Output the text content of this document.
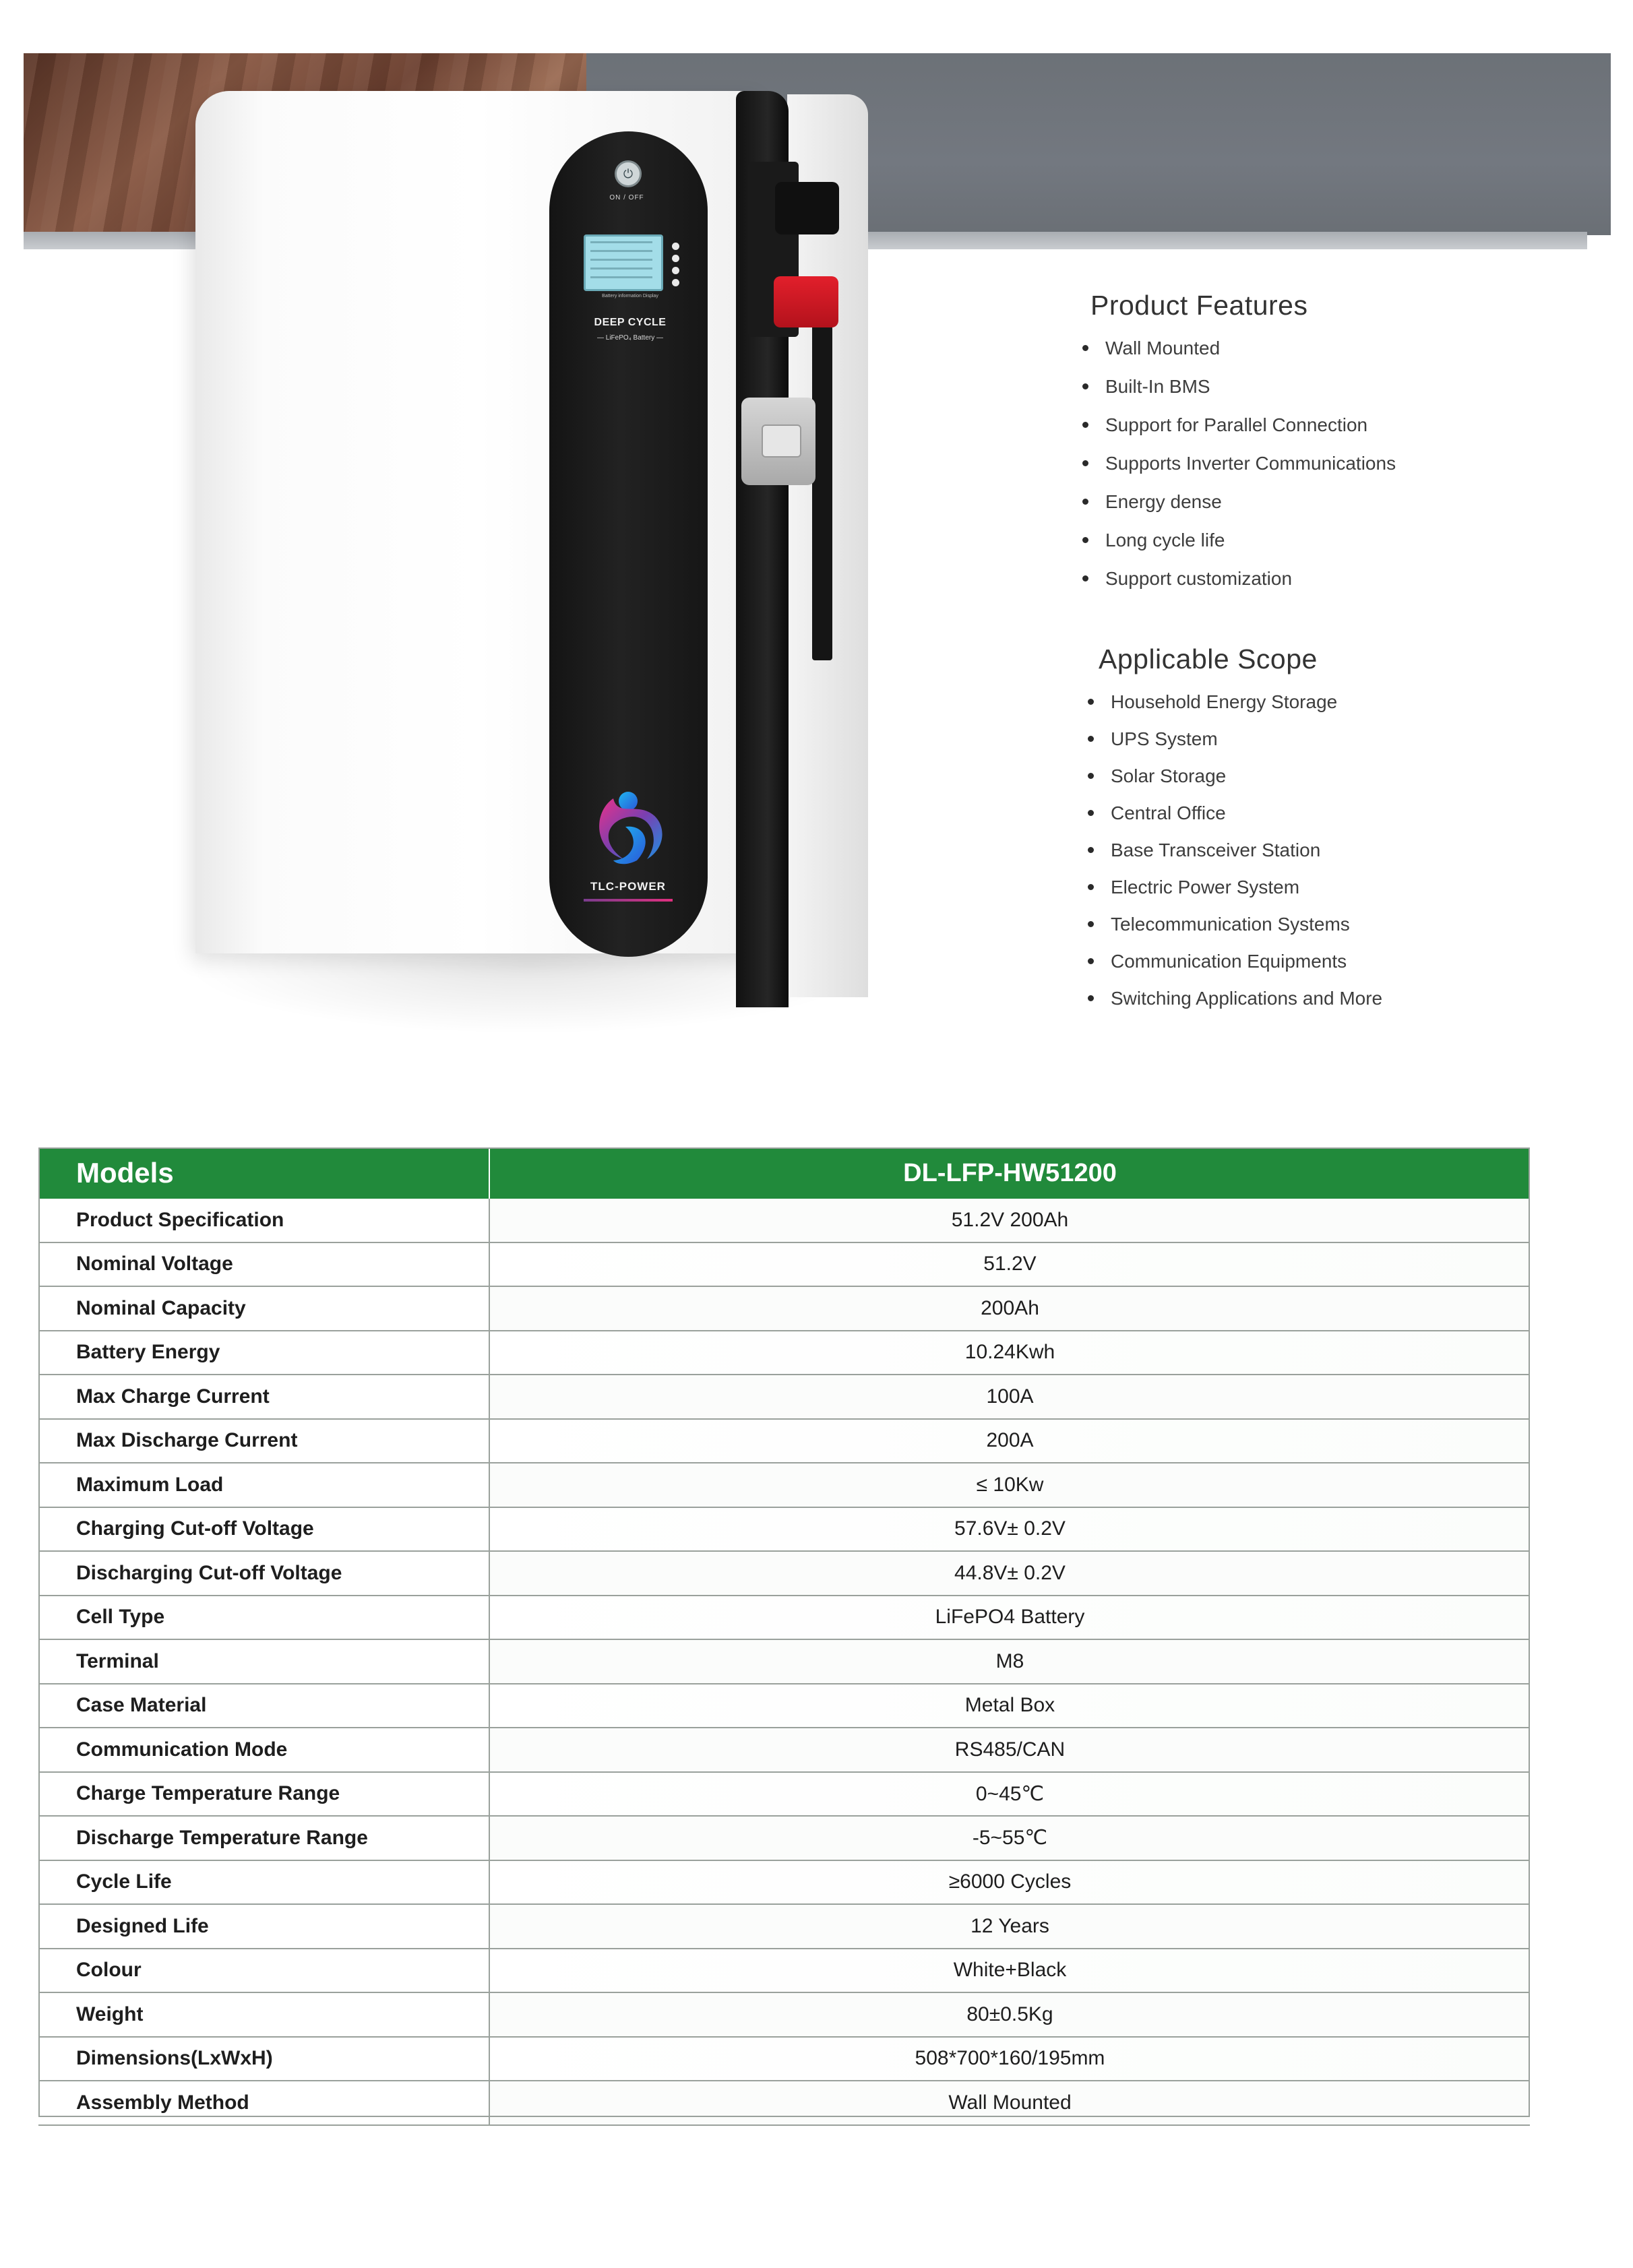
⏻
ON / OFF
Battery information Display
DEEP CYCLE
— LiFePO₄ Battery —
TLC-POWER
Product Features
Wall Mounted
Built-In BMS
Support for Parallel Connection
Supports Inverter Communications
Energy dense
Long cycle life
Support customization
Applicable Scope
Household Energy Storage
UPS System
Solar Storage
Central Office
Base Transceiver Station
Electric Power System
Telecommunication Systems
Communication Equipments
Switching Applications and More
Models	DL-LFP-HW51200
Product Specification	51.2V 200Ah
Nominal Voltage	51.2V
Nominal Capacity	200Ah
Battery Energy	10.24Kwh
Max Charge Current	100A
Max Discharge Current	200A
Maximum Load	≤ 10Kw
Charging Cut-off Voltage	57.6V± 0.2V
Discharging Cut-off Voltage	44.8V± 0.2V
Cell Type	LiFePO4 Battery
Terminal	M8
Case Material	Metal Box
Communication Mode	RS485/CAN
Charge Temperature Range	0~45℃
Discharge Temperature Range	-5~55℃
Cycle Life	≥6000 Cycles
Designed Life	12 Years
Colour	White+Black
Weight	80±0.5Kg
Dimensions(LxWxH)	508*700*160/195mm
Assembly Method	Wall Mounted
